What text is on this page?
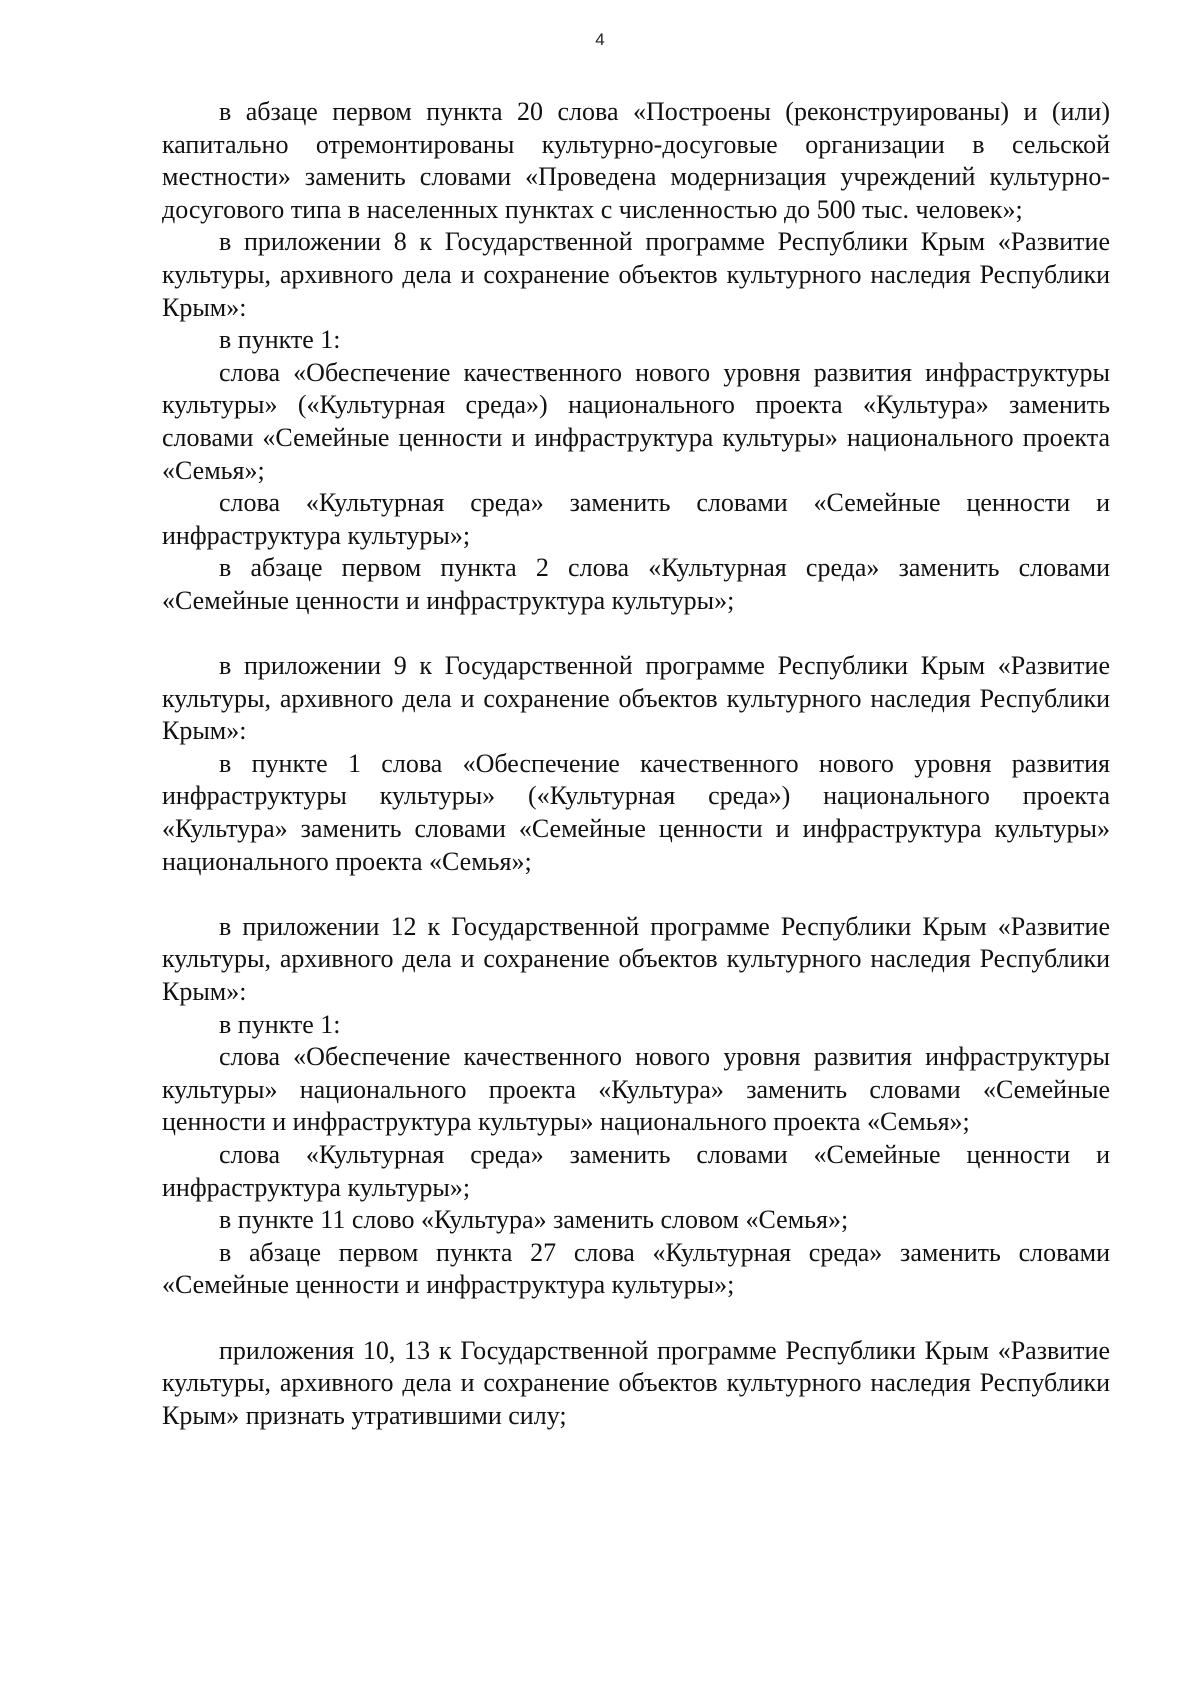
4

в абзаце первом пункта 20 слова «Построены (реконструированы) и (или) капитально отремонтированы культурно-досуговые организации в сельской местности» заменить словами «Проведена модернизация учреждений культурно-досугового типа в населенных пунктах с численностью до 500 тыс. человек»;

в приложении 8 к Государственной программе Республики Крым «Развитие культуры, архивного дела и сохранение объектов культурного наследия Республики Крым»:

в пункте 1:

слова «Обеспечение качественного нового уровня развития инфраструктуры культуры» («Культурная среда») национального проекта «Культура» заменить словами «Семейные ценности и инфраструктура культуры» национального проекта «Семья»;

слова «Культурная среда» заменить словами «Семейные ценности и инфраструктура культуры»;

в абзаце первом пункта 2 слова «Культурная среда» заменить словами «Семейные ценности и инфраструктура культуры»;

в приложении 9 к Государственной программе Республики Крым «Развитие культуры, архивного дела и сохранение объектов культурного наследия Республики Крым»:

в пункте 1 слова «Обеспечение качественного нового уровня развития инфраструктуры культуры» («Культурная среда») национального проекта «Культура» заменить словами «Семейные ценности и инфраструктура культуры» национального проекта «Семья»;

в приложении 12 к Государственной программе Республики Крым «Развитие культуры, архивного дела и сохранение объектов культурного наследия Республики Крым»:

в пункте 1:

слова «Обеспечение качественного нового уровня развития инфраструктуры культуры» национального проекта «Культура» заменить словами «Семейные ценности и инфраструктура культуры» национального проекта «Семья»;

слова «Культурная среда» заменить словами «Семейные ценности и инфраструктура культуры»;

в пункте 11 слово «Культура» заменить словом «Семья»;

в абзаце первом пункта 27 слова «Культурная среда» заменить словами «Семейные ценности и инфраструктура культуры»;

приложения 10, 13 к Государственной программе Республики Крым «Развитие культуры, архивного дела и сохранение объектов культурного наследия Республики Крым» признать утратившими силу;
